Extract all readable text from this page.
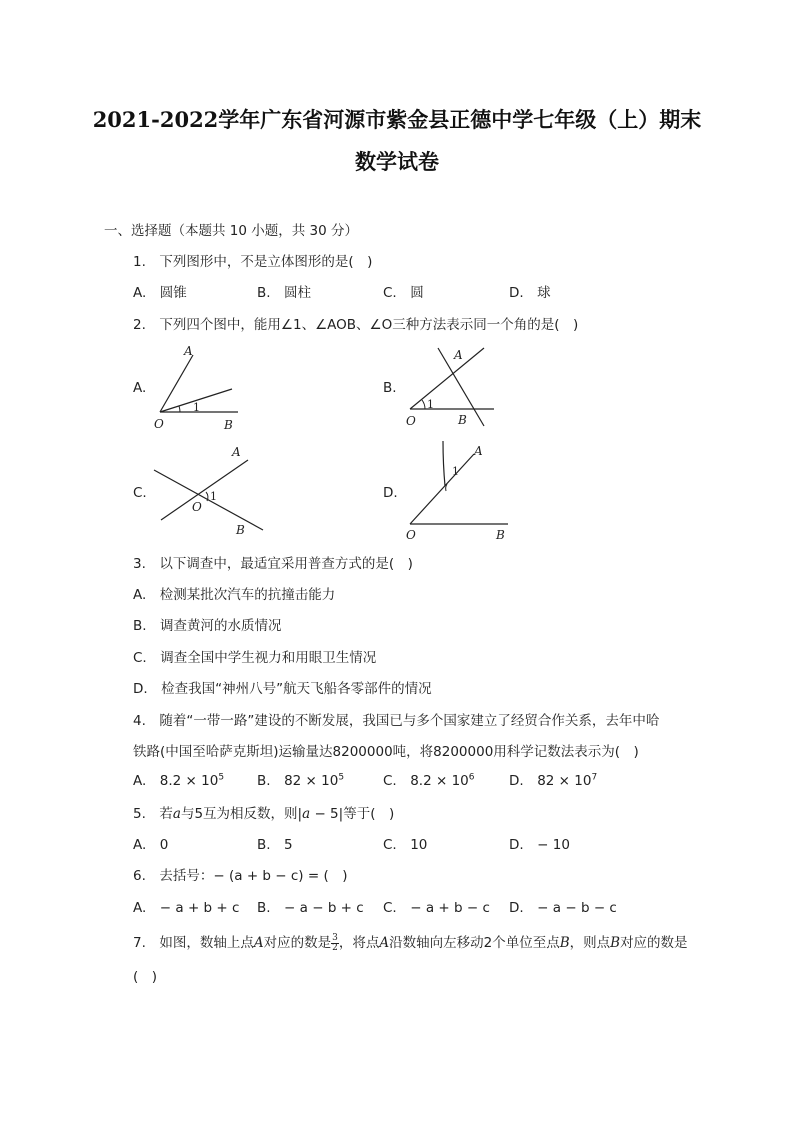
2021-2022学年广东省河源市紫金县正德中学七年级（上）期末
数学试卷
一、选择题（本题共 10 小题，共 30 分）
1.　下列图形中，不是立体图形的是(　)
A.　圆锥	B.　圆柱	C.　圆	D.　球
2.　下列四个图中，能用∠1、∠AOB、∠O三种方法表示同一个角的是(　)
A.
A
O	B
1
B.
A
O	B
1
C.
A
O
B
1	D.
A
O	B
1
3.　以下调查中，最适宜采用普查方式的是(　)
A.　检测某批次汽车的抗撞击能力
B.　调查黄河的水质情况
C.　调查全国中学生视力和用眼卫生情况
D.　检查我国“神州八号”航天飞船各零部件的情况
4.　随着“一带一路”建设的不断发展，我国已与多个国家建立了经贸合作关系，去年中哈
铁路(中国至哈萨克斯坦)运输量达8200000吨，将8200000用科学记数法表示为(　)
A.　 $8.2 \times 10^5$ B.　 $82 \times 10^5$	C.　 $8.2 \times 10^6$	D.　 $82 \times 10^7$
5.　若a与5互为相反数，则|a − 5|等于(　)
A.　0	B.　5	C.　10	D.　− 10
6.　去括号：− (a + b − c) = (　)
A.　− a + b + c B.　− a − b + c C.　− a + b − c D.　− a − b − c
7.　如图，数轴上点A对应的数是 $\frac{3}{2}$ ，将点A沿数轴向左移动2个单位至点B，则点B对应的数是
(　)
